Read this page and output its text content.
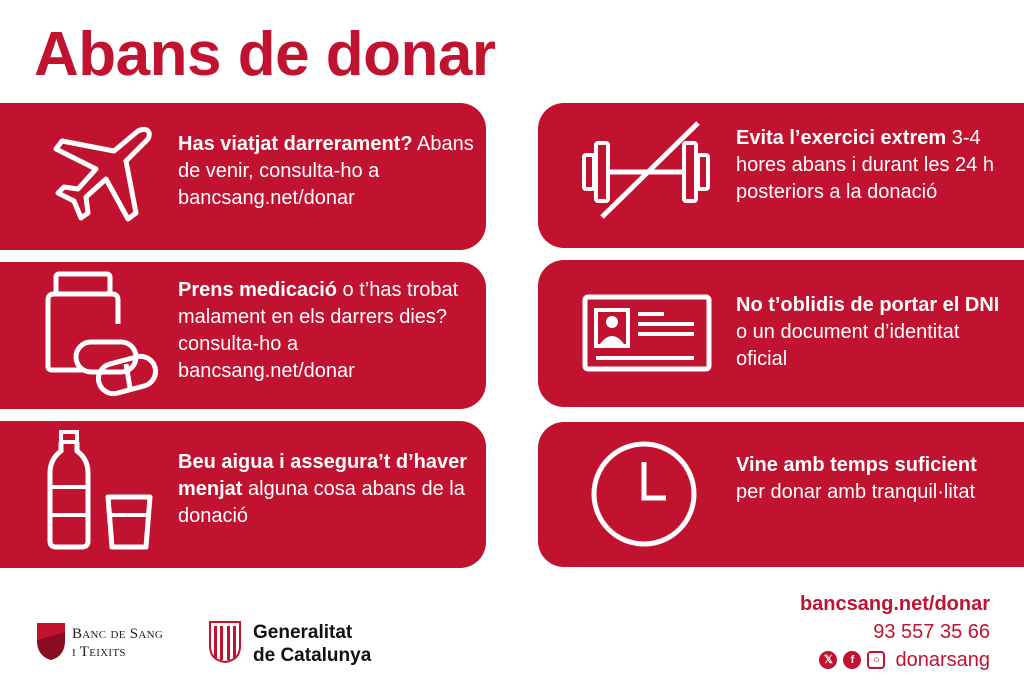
Abans de donar
Has viatjat darrerament? Abans de venir, consulta-ho a bancsang.net/donar
Prens medicació o t’has trobat malament en els darrers dies? consulta-ho a bancsang.net/donar
Beu aigua i assegura’t d’haver menjat alguna cosa abans de la donació
Evita l’exercici extrem 3-4 hores abans i durant les 24 h posteriors a la donació
No t’oblidis de portar el DNI o un document d’identitat oficial
Vine amb temps suficient per donar amb tranquil·litat
Banc de Sang
i Teixits
Generalitat
de Catalunya
bancsang.net/donar
93 557 35 66
𝕏	f	○ donarsang
